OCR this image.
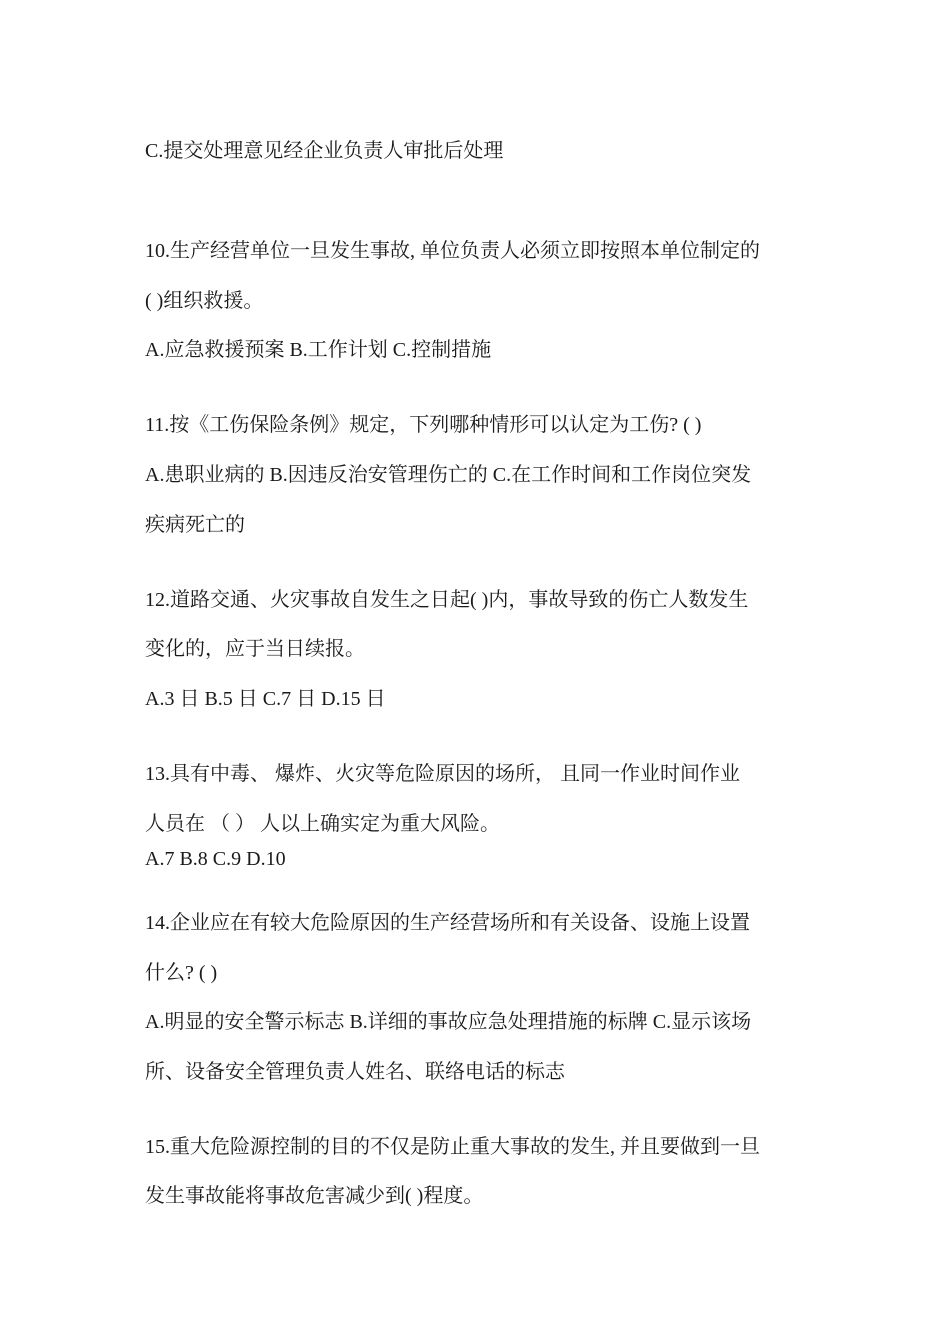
C.提交处理意见经企业负责人审批后处理
10.生产经营单位一旦发生事故, 单位负责人必须立即按照本单位制定的
( )组织救援。
A.应急救援预案 B.工作计划 C.控制措施
11.按《工伤保险条例》规定，下列哪种情形可以认定为工伤? ( )
A.患职业病的 B.因违反治安管理伤亡的 C.在工作时间和工作岗位突发
疾病死亡的
12.道路交通、火灾事故自发生之日起( )内，事故导致的伤亡人数发生
变化的，应于当日续报。
A.3 日 B.5 日 C.7 日 D.15 日
13.具有中毒、 爆炸、火灾等危险原因的场所， 且同一作业时间作业
人员在 （ ） 人以上确实定为重大风险。
A.7 B.8 C.9 D.10
14.企业应在有较大危险原因的生产经营场所和有关设备、设施上设置
什么? ( )
A.明显的安全警示标志 B.详细的事故应急处理措施的标牌 C.显示该场
所、设备安全管理负责人姓名、联络电话的标志
15.重大危险源控制的目的不仅是防止重大事故的发生, 并且要做到一旦
发生事故能将事故危害减少到( )程度。
